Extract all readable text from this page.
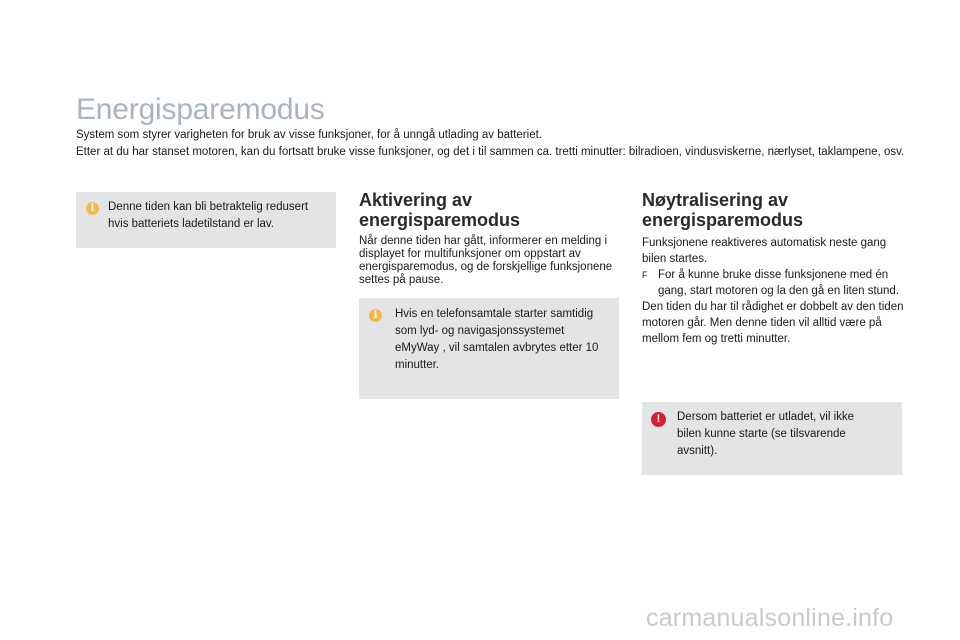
Energisparemodus

System som styrer varigheten for bruk av visse funksjoner, for å unngå utlading av batteriet.

Etter at du har stanset motoren, kan du fortsatt bruke visse funksjoner, og det i til sammen ca. tretti minutter: bilradioen, vindusviskerne, nærlyset, taklampene, osv.

i	Denne tiden kan bli betraktelig redusert hvis batteriets ladetilstand er lav.

Aktivering av
energisparemodus

Når denne tiden har gått, informerer en melding i displayet for multifunksjoner om oppstart av energisparemodus, og de forskjellige funksjonene settes på pause.

i	Hvis en telefonsamtale starter samtidig som lyd- og navigasjonssystemet eMyWay , vil samtalen avbrytes etter 10 minutter.

Nøytralisering av
energisparemodus

Funksjonene reaktiveres automatisk neste gang bilen startes.

F For å kunne bruke disse funksjonene med én gang, start motoren og la den gå en liten stund.

Den tiden du har til rådighet er dobbelt av den tiden motoren går. Men denne tiden vil alltid være på mellom fem og tretti minutter.

!	Dersom batteriet er utladet, vil ikke bilen kunne starte (se tilsvarende avsnitt).

carmanualsonline.info
